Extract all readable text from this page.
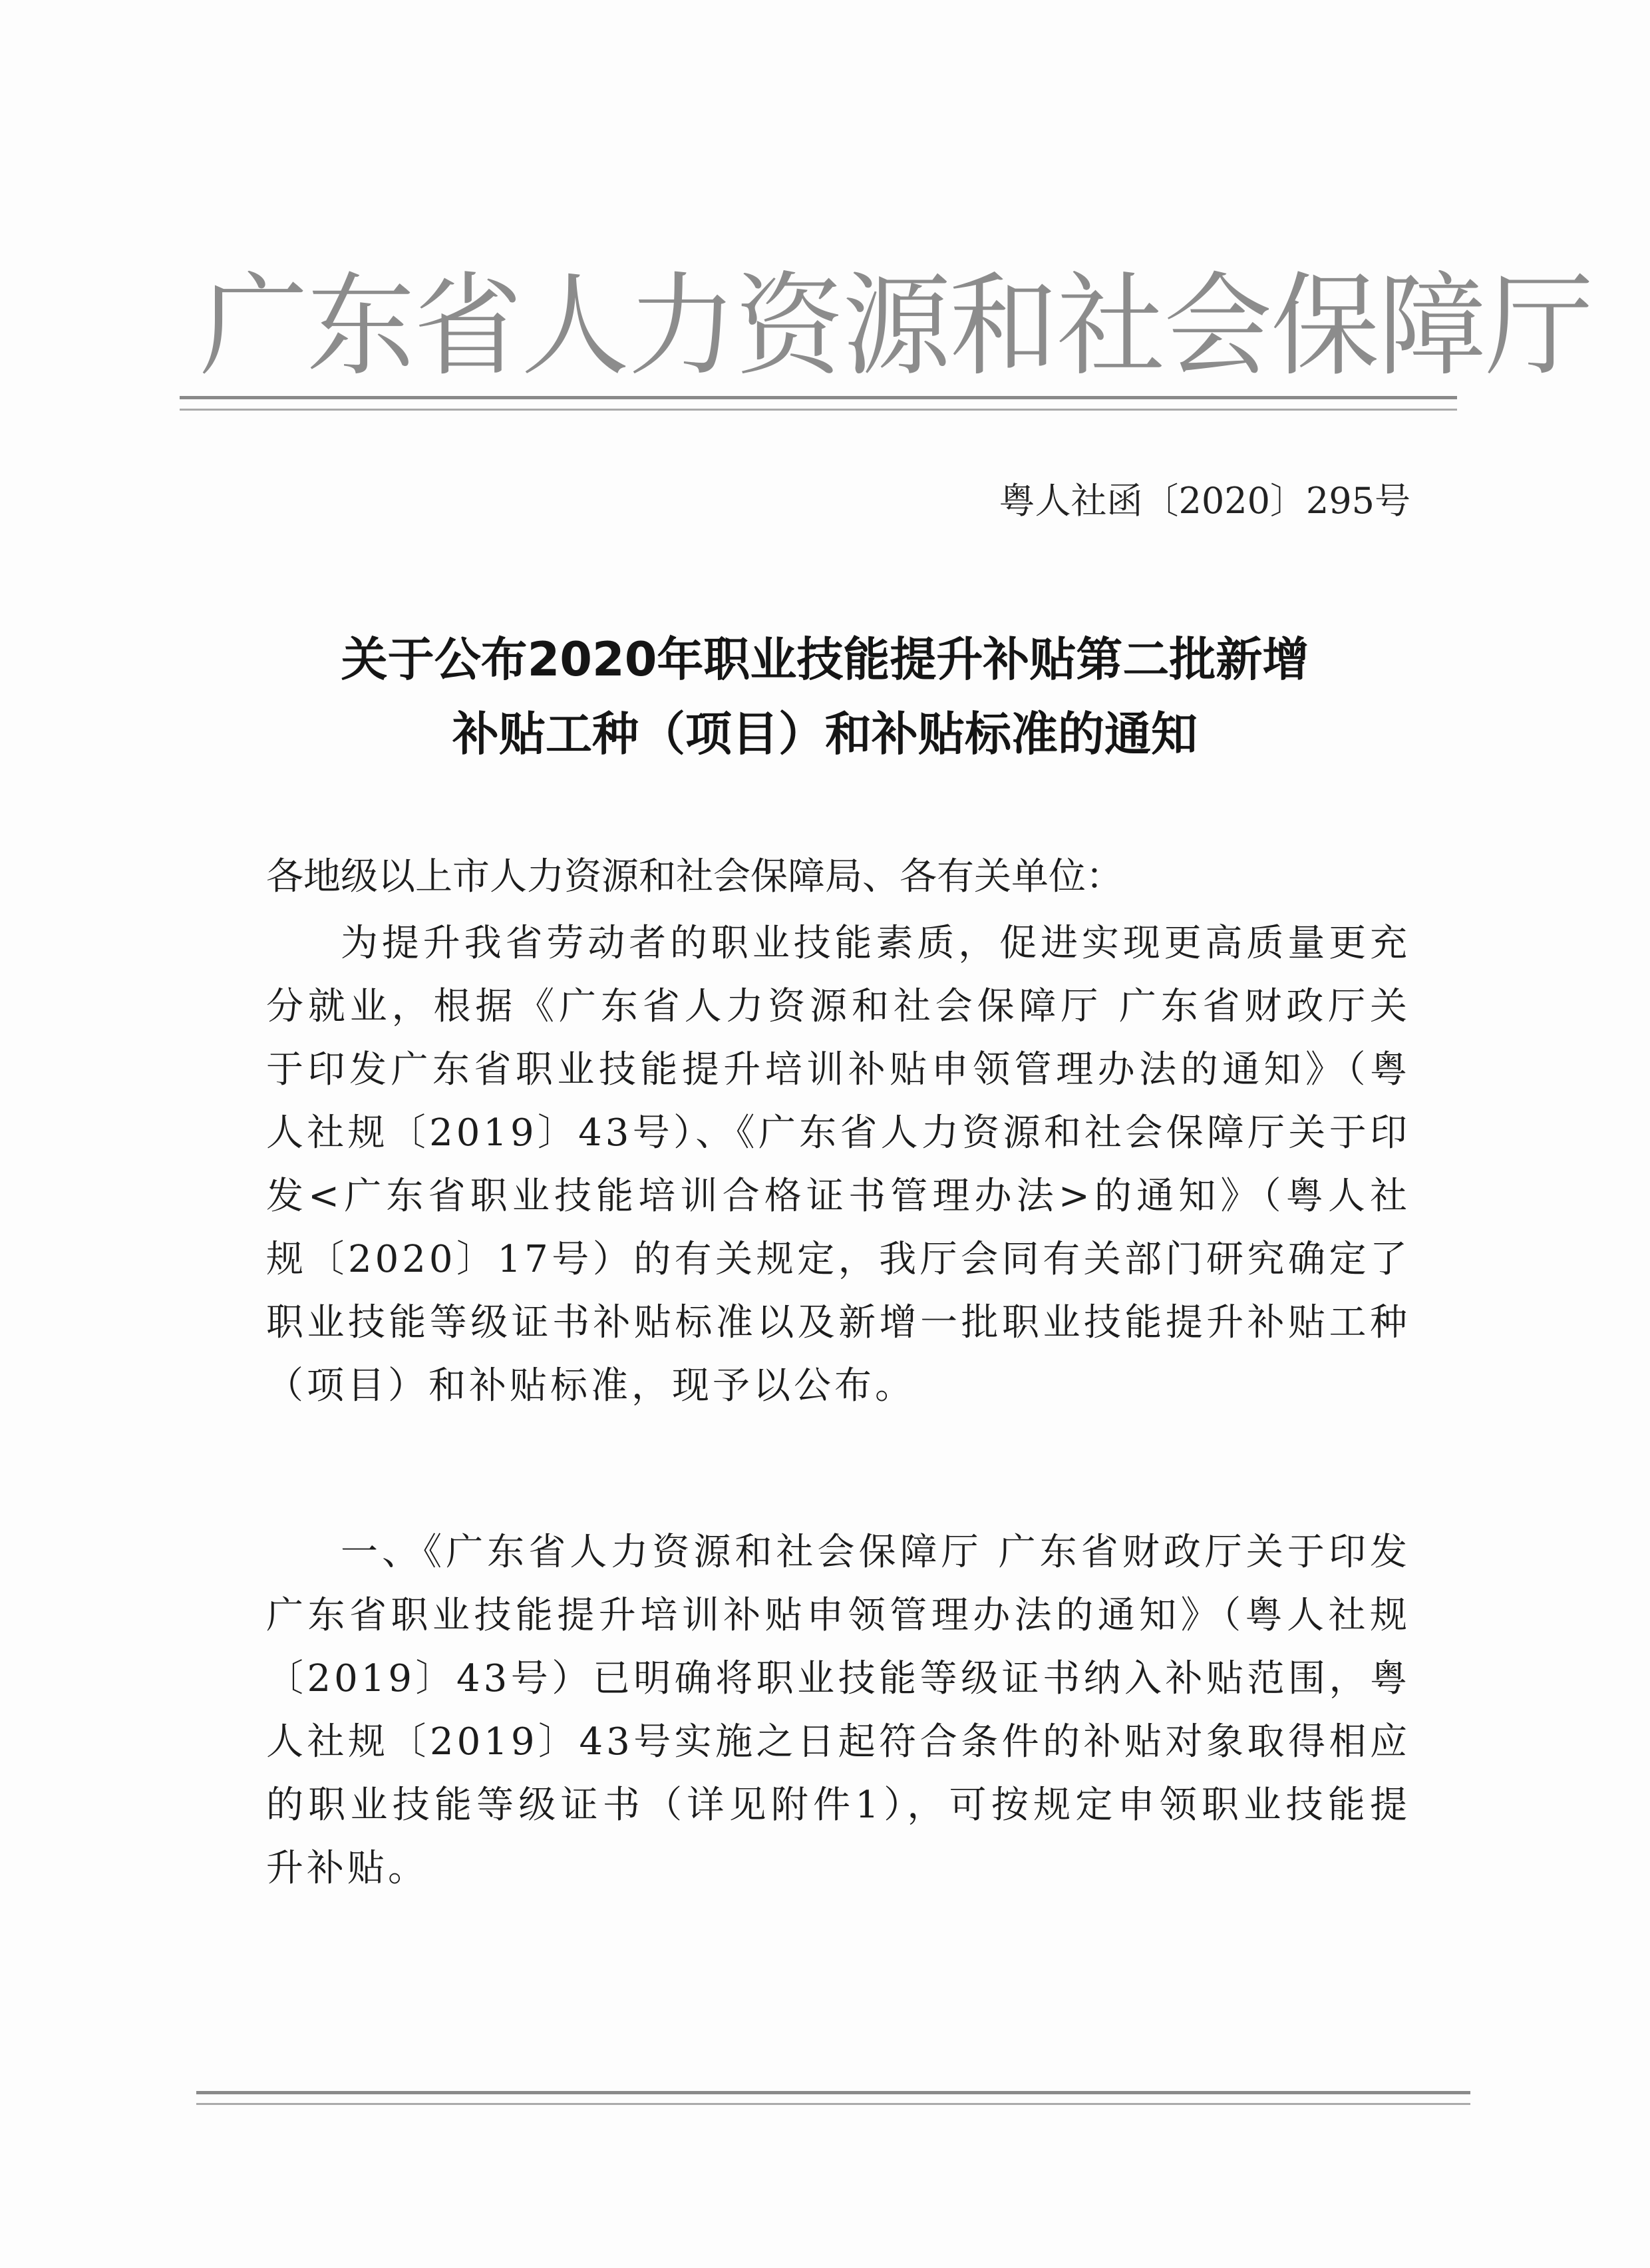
广东省人力资源和社会保障厅
粤人社函〔2020〕295号
关于公布2020年职业技能提升补贴第二批新增
补贴工种（项目）和补贴标准的通知
各地级以上市人力资源和社会保障局、各有关单位：
为提升我省劳动者的职业技能素质，促进实现更高质量更充分就业，根据《广东省人力资源和社会保障厅 广东省财政厅关于印发广东省职业技能提升培训补贴申领管理办法的通知》（粤人社规〔2019〕43号）、《广东省人力资源和社会保障厅关于印发<广东省职业技能培训合格证书管理办法>的通知》（粤人社规〔2020〕17号）的有关规定，我厅会同有关部门研究确定了职业技能等级证书补贴标准以及新增一批职业技能提升补贴工种（项目）和补贴标准，现予以公布。
一、《广东省人力资源和社会保障厅 广东省财政厅关于印发广东省职业技能提升培训补贴申领管理办法的通知》（粤人社规〔2019〕43号）已明确将职业技能等级证书纳入补贴范围，粤人社规〔2019〕43号实施之日起符合条件的补贴对象取得相应的职业技能等级证书（详见附件1），可按规定申领职业技能提升补贴。
